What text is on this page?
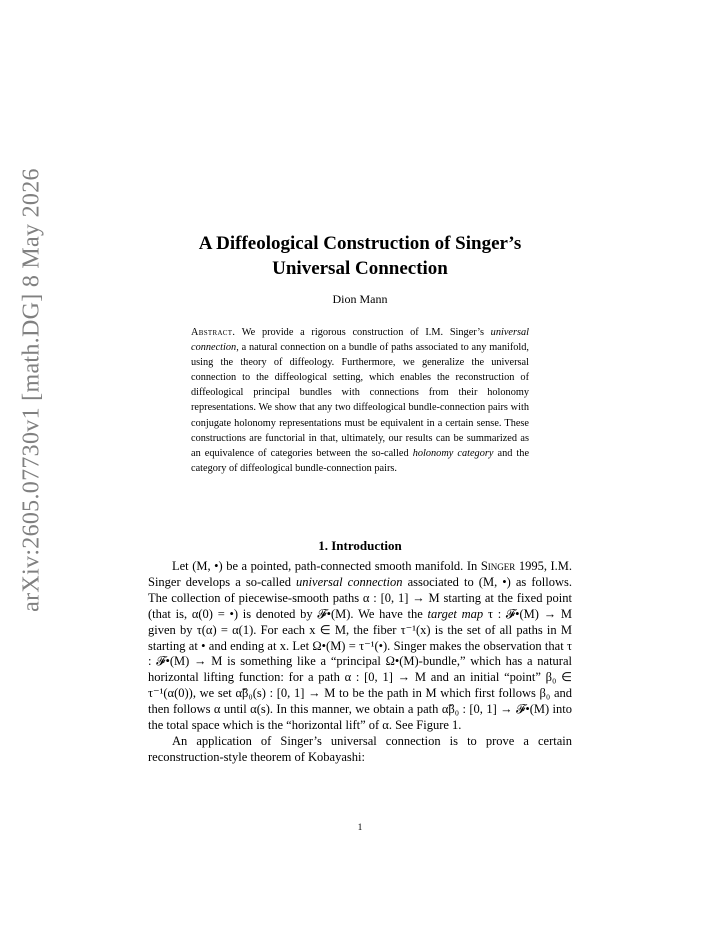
arXiv:2605.07730v1 [math.DG] 8 May 2026	A Diffeological Construction of Singer’s
Universal Connection
Dion Mann
Abstract. We provide a rigorous construction of I.M. Singer’s universal connection, a natural connection on a bundle of paths associated to any manifold, using the theory of diffeology. Furthermore, we generalize the universal connection to the diffeological setting, which enables the reconstruction of diffeological principal bundles with connections from their holonomy representations. We show that any two diffeological bundle-connection pairs with conjugate holonomy representations must be equivalent in a certain sense. These constructions are functorial in that, ultimately, our results can be summarized as an equivalence of categories between the so-called holonomy category and the category of diffeological bundle-connection pairs.
1. Introduction

Let (M, •) be a pointed, path-connected smooth manifold. In Singer 1995, I.M. Singer develops a so-called universal connection associated to (M, •) as follows. The collection of piecewise-smooth paths α : [0, 1] → M starting at the fixed point (that is, α(0) = •) is denoted by 𝓕•(M). We have the target map τ : 𝓕•(M) → M given by τ(α) = α(1). For each x ∈ M, the fiber τ⁻¹(x) is the set of all paths in M starting at • and ending at x. Let Ω•(M) = τ⁻¹(•). Singer makes the observation that τ : 𝓕•(M) → M is something like a “principal Ω•(M)-bundle,” which has a natural horizontal lifting function: for a path α : [0, 1] → M and an initial “point” β₀ ∈ τ⁻¹(α(0)), we set α̃β₀(s) : [0, 1] → M to be the path in M which first follows β₀ and then follows α until α(s). In this manner, we obtain a path α̃β₀ : [0, 1] → 𝓕•(M) into the total space which is the “horizontal lift” of α. See Figure 1.

An application of Singer’s universal connection is to prove a certain reconstruction-style theorem of Kobayashi:

1
